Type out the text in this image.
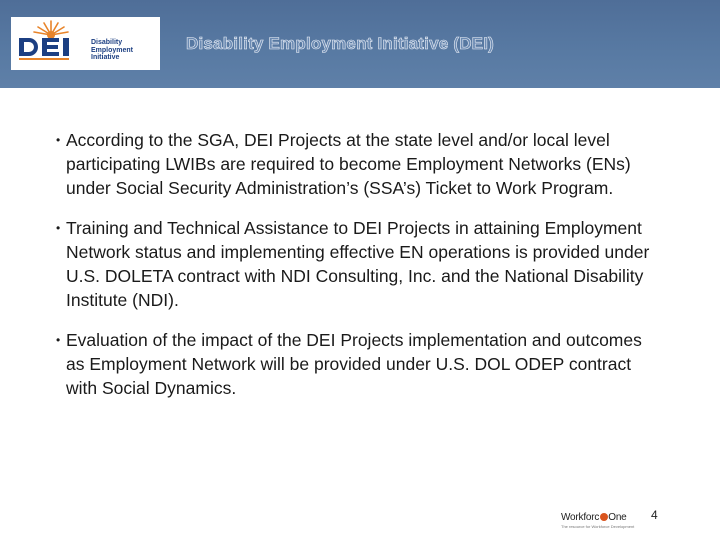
Disability
Employment
Initiative
Disability Employment Initiative (DEI)
• According to the SGA, DEI Projects at the state level and/or local level participating LWIBs are required to become Employment Networks (ENs) under Social Security Administration’s (SSA’s) Ticket to Work Program.
• Training and Technical Assistance to DEI Projects in attaining Employment Network status and implementing effective EN operations is provided under U.S. DOLETA contract with NDI Consulting, Inc. and the National Disability Institute (NDI).
• Evaluation of the impact of the DEI Projects implementation and outcomes as Employment Network will be provided under U.S. DOL ODEP contract with Social Dynamics.
Workforc One
The resource for Workforce Development
4
